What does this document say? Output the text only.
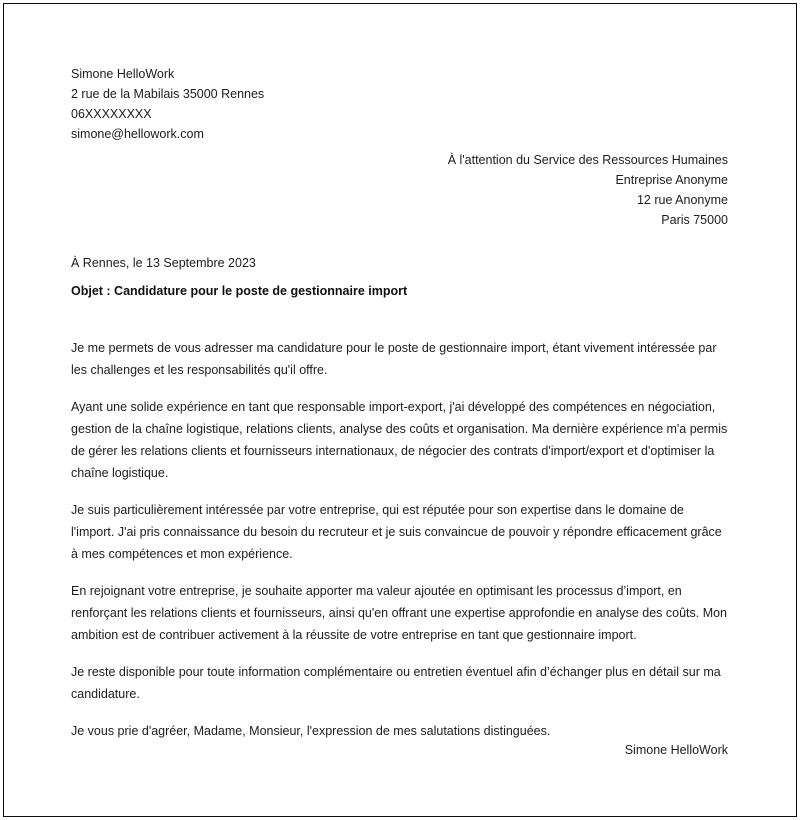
Simone HelloWork
2 rue de la Mabilais 35000 Rennes
06XXXXXXXX
simone@hellowork.com
À l'attention du Service des Ressources Humaines
Entreprise Anonyme
12 rue Anonyme
Paris 75000
À Rennes, le 13 Septembre 2023
Objet : Candidature pour le poste de gestionnaire import

Je me permets de vous adresser ma candidature pour le poste de gestionnaire import, étant vivement intéressée par les challenges et les responsabilités qu'il offre.

Ayant une solide expérience en tant que responsable import-export, j'ai développé des compétences en négociation, gestion de la chaîne logistique, relations clients, analyse des coûts et organisation. Ma dernière expérience m'a permis de gérer les relations clients et fournisseurs internationaux, de négocier des contrats d'import/export et d'optimiser la chaîne logistique.

Je suis particulièrement intéressée par votre entreprise, qui est réputée pour son expertise dans le domaine de l'import. J'ai pris connaissance du besoin du recruteur et je suis convaincue de pouvoir y répondre efficacement grâce à mes compétences et mon expérience.

En rejoignant votre entreprise, je souhaite apporter ma valeur ajoutée en optimisant les processus d’import, en renforçant les relations clients et fournisseurs, ainsi qu'en offrant une expertise approfondie en analyse des coûts. Mon ambition est de contribuer activement à la réussite de votre entreprise en tant que gestionnaire import.

Je reste disponible pour toute information complémentaire ou entretien éventuel afin d’échanger plus en détail sur ma candidature.

Je vous prie d'agréer, Madame, Monsieur, l'expression de mes salutations distinguées.

Simone HelloWork
